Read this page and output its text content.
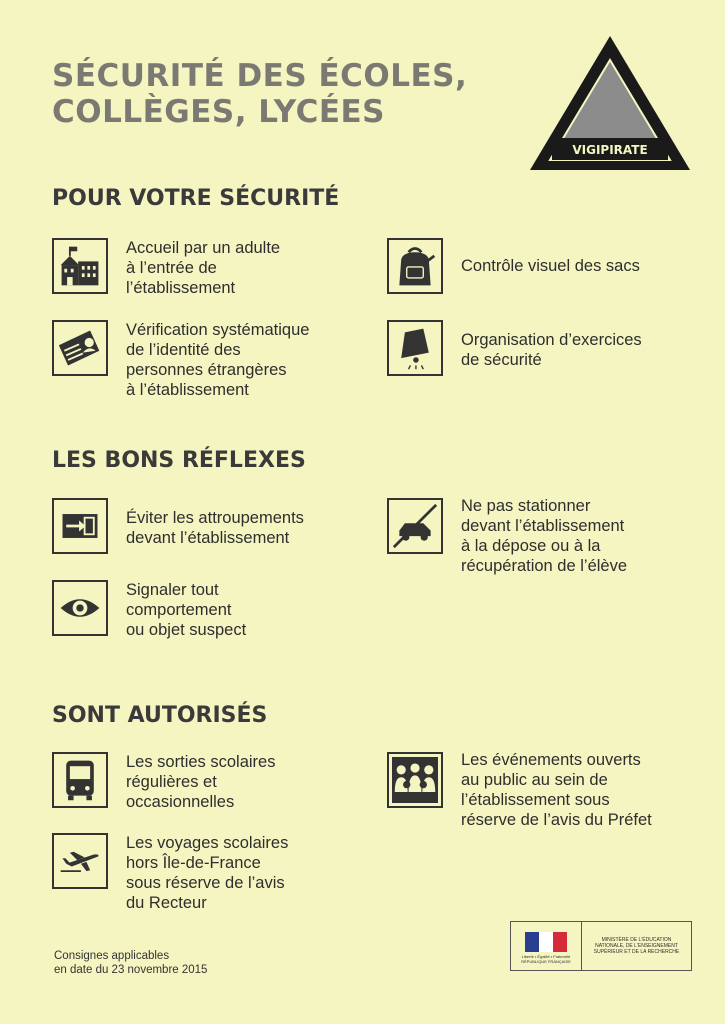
SÉCURITÉ DES ÉCOLES,
COLLÈGES, LYCÉES
VIGIPIRATE
POUR VOTRE SÉCURITÉ
Accueil par un adulte
à l’entrée de
l’établissement
Contrôle visuel des sacs
Vérification systématique
de l’identité des
personnes étrangères
à l’établissement
Organisation d’exercices
de sécurité
LES BONS RÉFLEXES
Éviter les attroupements
devant l’établissement
Ne pas stationner
devant l’établissement
à la dépose ou à la
récupération de l’élève
Signaler tout
comportement
ou objet suspect
SONT AUTORISÉS
Les sorties scolaires
régulières et
occasionnelles
Les événements ouverts
au public au sein de
l’établissement sous
réserve de l’avis du Préfet
Les voyages scolaires
hors Île-de-France
sous réserve de l’avis
du Recteur
Consignes applicables
en date du 23 novembre 2015
Liberté • Égalité • Fraternité
RÉPUBLIQUE FRANÇAISE
MINISTÈRE DE L'ÉDUCATION
NATIONALE, DE L'ENSEIGNEMENT
SUPÉRIEUR ET DE LA RECHERCHE
